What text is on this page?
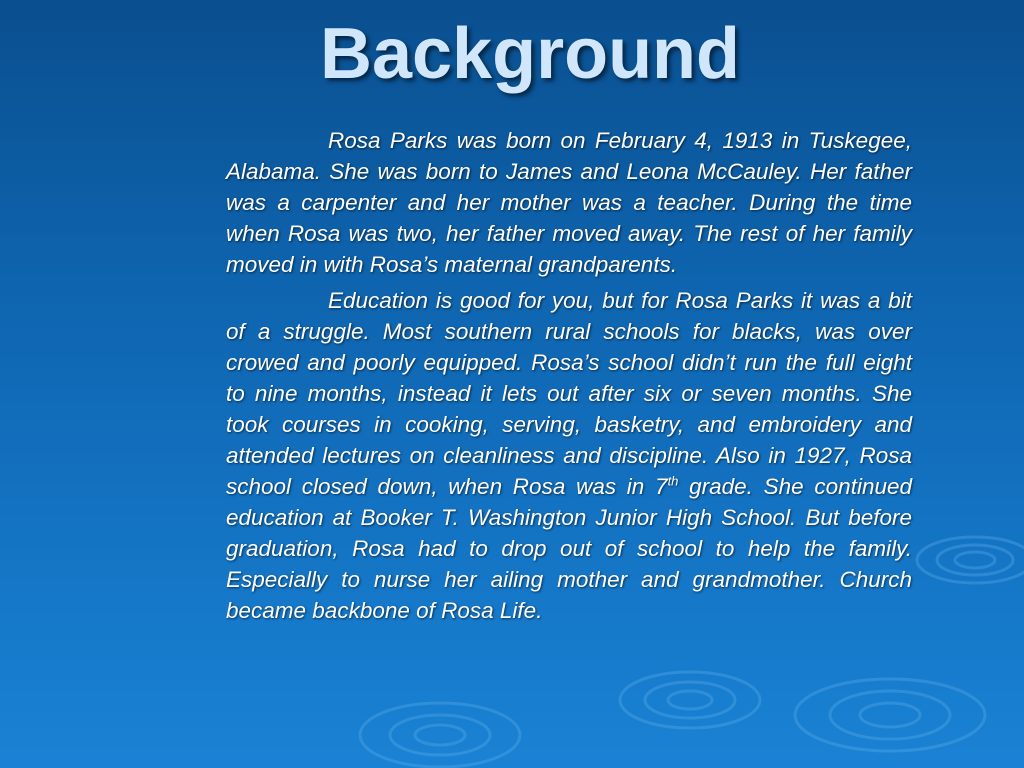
Background

Rosa Parks was born on February 4, 1913 in Tuskegee, Alabama. She was born to James and Leona McCauley. Her father was a carpenter and her mother was a teacher. During the time when Rosa was two, her father moved away. The rest of her family moved in with Rosa’s maternal grandparents.

Education is good for you, but for Rosa Parks it was a bit of a struggle. Most southern rural schools for blacks, was over crowed and poorly equipped. Rosa’s school didn’t run the full eight to nine months, instead it lets out after six or seven months. She took courses in cooking, serving, basketry, and embroidery and attended lectures on cleanliness and discipline. Also in 1927, Rosa school closed down, when Rosa was in 7th grade. She continued education at Booker T. Washington Junior High School. But before graduation, Rosa had to drop out of school to help the family. Especially to nurse her ailing mother and grandmother. Church became backbone of Rosa Life.
